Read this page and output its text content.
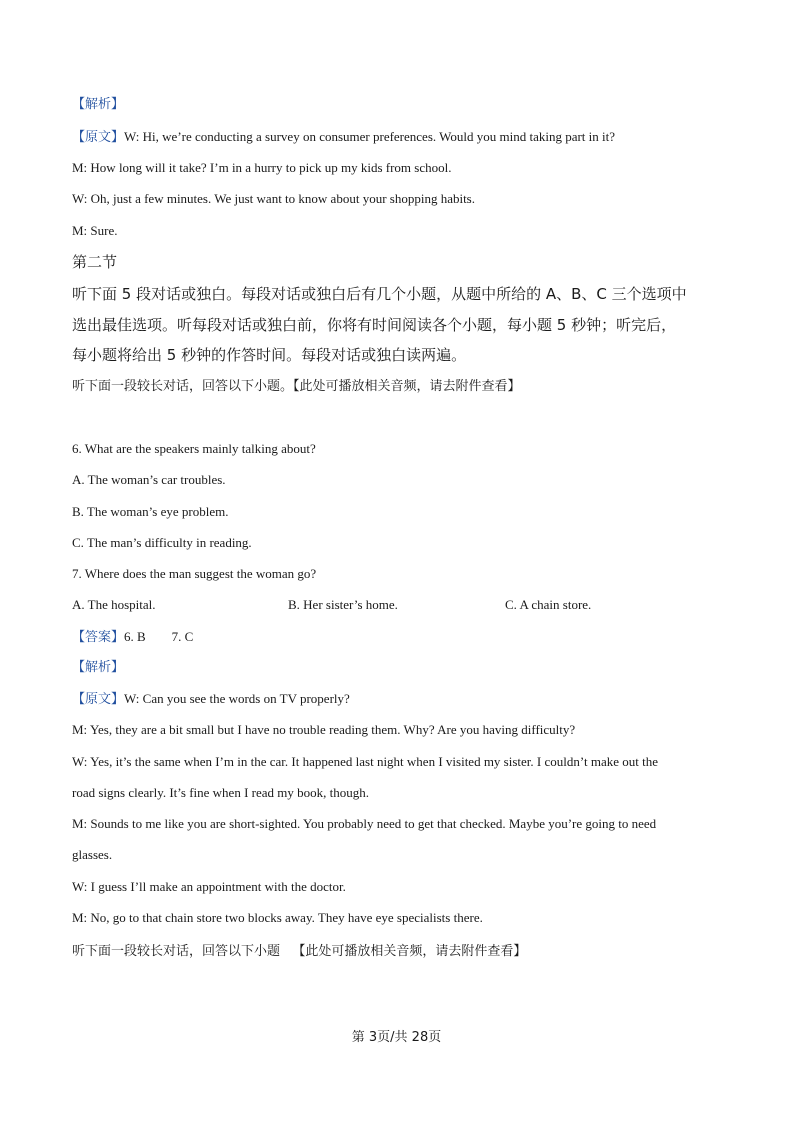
【解析】
【原文】W: Hi, we’re conducting a survey on consumer preferences. Would you mind taking part in it?
M: How long will it take? I’m in a hurry to pick up my kids from school.
W: Oh, just a few minutes. We just want to know about your shopping habits.
M: Sure.
第二节
听下面 5 段对话或独白。每段对话或独白后有几个小题，从题中所给的 A、B、C 三个选项中
选出最佳选项。听每段对话或独白前，你将有时间阅读各个小题，每小题 5 秒钟；听完后，
每小题将给出 5 秒钟的作答时间。每段对话或独白读两遍。
听下面一段较长对话，回答以下小题。【此处可播放相关音频，请去附件查看】
6. What are the speakers mainly talking about?
A. The woman’s car troubles.
B. The woman’s eye problem.
C. The man’s difficulty in reading.
7. Where does the man suggest the woman go?
A. The hospital.	B. Her sister’s home.	C. A chain store.
【答案】6. B        7. C
【解析】
【原文】W: Can you see the words on TV properly?
M: Yes, they are a bit small but I have no trouble reading them. Why? Are you having difficulty?
W: Yes, it’s the same when I’m in the car. It happened last night when I visited my sister. I couldn’t make out the
road signs clearly. It’s fine when I read my book, though.
M: Sounds to me like you are short-sighted. You probably need to get that checked. Maybe you’re going to need
glasses.
W: I guess I’ll make an appointment with the doctor.
M: No, go to that chain store two blocks away. They have eye specialists there.
听下面一段较长对话，回答以下小题   【此处可播放相关音频，请去附件查看】
第 3页/共 28页
